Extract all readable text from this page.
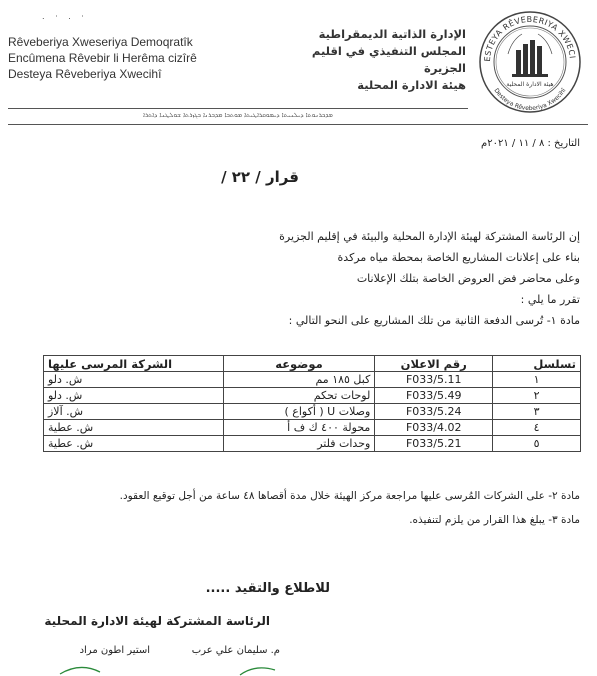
. · . ·
Rêveberiya Xweseriya Demoqratîk
Encûmena Rêvebir li Herêma cizîrê
Desteya Rêveberiya Xwecihî
الإدارة الذاتية الديمقراطية
المجلس التنفيذي في اقليم الجزيرة
هيئة الادارة المحلية
ESTEYA RÊVEBERIYA XWECI
Desteya Rêveberiya Xwecihî
هيئة الادارة المحلية
ܡܕܒܪܢܘܬܐ ܕܝܠܢܝܬܐ ܕܝܡܘܩܪܐܛܝܬܐ ܡܘܬܒܐ ܡܕܒܪܢܐ ܒܓܙܪܬܐ ܫܘܠܛܢܐ ܕܐܬܪܐ
التاريخ : ٨ / ١١ / ٢٠٢١م
قرار / ٢٢ /
إن الرئاسة المشتركة لهيئة الإدارة المحلية والبيئة في إقليم الجزيرة
بناء على إعلانات المشاريع الخاصة بمحطة مياه مركدة
وعلى محاضر فض العروض الخاصة بتلك الإعلانات
تقرر ما يلي :
مادة ١- تُرسى الدفعة الثانية من تلك المشاريع على النحو التالي :
تسلسل	رقم الاعلان	موضوعه	الشركة المرسى عليها
١	F033/5.11	كبل ١٨٥ مم	ش. دلو
٢	F033/5.49	لوحات تحكم	ش. دلو
٣	F033/5.24	وصلات U ( أكواع )	ش. آلاز
٤	F033/4.02	محولة ٤٠٠ ك ف أ	ش. عطية
٥	F033/5.21	وحدات فلتر	ش. عطية
مادة ٢- على الشركات المُرسى عليها مراجعة مركز الهيئة خلال مدة أقصاها ٤٨ ساعة من أجل توقيع العقود.
مادة ٣- يبلغ هذا القرار من يلزم لتنفيذه.
للاطلاع والتقيد .....
الرئاسة المشتركة لهيئة الادارة المحلية
م. سليمان علي عرب
استير اطون مراد
